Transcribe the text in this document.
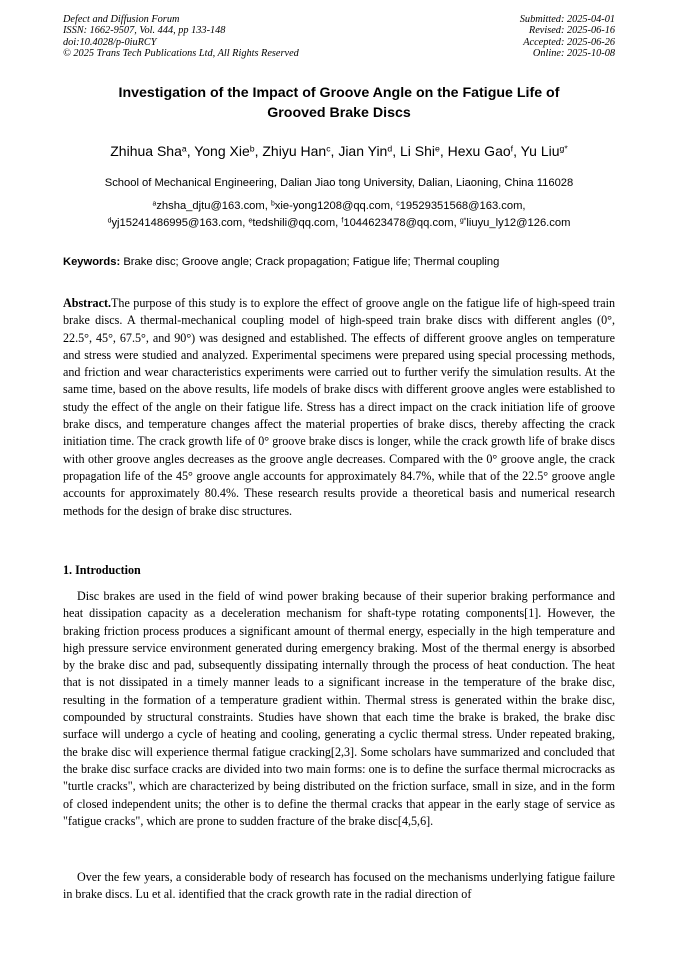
Defect and Diffusion Forum
ISSN: 1662-9507, Vol. 444, pp 133-148
doi:10.4028/p-0iuRCY
© 2025 Trans Tech Publications Ltd, All Rights Reserved
Submitted: 2025-04-01
Revised: 2025-06-16
Accepted: 2025-06-26
Online: 2025-10-08
Investigation of the Impact of Groove Angle on the Fatigue Life of
Grooved Brake Discs
Zhihua Sha$^a$, Yong Xie$^b$, Zhiyu Han$^c$, Jian Yin$^d$, Li Shi$^e$, Hexu Gao$^f$, Yu Liu$^{g*}$
School of Mechanical Engineering, Dalian Jiao tong University, Dalian, Liaoning, China 116028
$^a$zhsha_djtu@163.com, $^b$xie-yong1208@qq.com, $^c$19529351568@163.com,
$^d$yj15241486995@163.com, $^e$tedshili@qq.com, $^f$1044623478@qq.com, $^{g*}$liuyu_ly12@126.com
Keywords: Brake disc; Groove angle; Crack propagation; Fatigue life; Thermal coupling
Abstract.The purpose of this study is to explore the effect of groove angle on the fatigue life of high-speed train brake discs. A thermal-mechanical coupling model of high-speed train brake discs with different angles (0°, 22.5°, 45°, 67.5°, and 90°) was designed and established. The effects of different groove angles on temperature and stress were studied and analyzed. Experimental specimens were prepared using special processing methods, and friction and wear characteristics experiments were carried out to further verify the simulation results. At the same time, based on the above results, life models of brake discs with different groove angles were established to study the effect of the angle on their fatigue life. Stress has a direct impact on the crack initiation life of groove brake discs, and temperature changes affect the material properties of brake discs, thereby affecting the crack initiation time. The crack growth life of 0° groove brake discs is longer, while the crack growth life of brake discs with other groove angles decreases as the groove angle decreases. Compared with the 0° groove angle, the crack propagation life of the 45° groove angle accounts for approximately 84.7%, while that of the 22.5° groove angle accounts for approximately 80.4%. These research results provide a theoretical basis and numerical research methods for the design of brake disc structures.
1. Introduction
Disc brakes are used in the field of wind power braking because of their superior braking performance and heat dissipation capacity as a deceleration mechanism for shaft-type rotating components[1]. However, the braking friction process produces a significant amount of thermal energy, especially in the high temperature and high pressure service environment generated during emergency braking. Most of the thermal energy is absorbed by the brake disc and pad, subsequently dissipating internally through the process of heat conduction. The heat that is not dissipated in a timely manner leads to a significant increase in the temperature of the brake disc, resulting in the formation of a temperature gradient within. Thermal stress is generated within the brake disc, compounded by structural constraints. Studies have shown that each time the brake is braked, the brake disc surface will undergo a cycle of heating and cooling, generating a cyclic thermal stress. Under repeated braking, the brake disc will experience thermal fatigue cracking[2,3]. Some scholars have summarized and concluded that the brake disc surface cracks are divided into two main forms: one is to define the surface thermal microcracks as "turtle cracks", which are characterized by being distributed on the friction surface, small in size, and in the form of closed independent units; the other is to define the thermal cracks that appear in the early stage of service as "fatigue cracks", which are prone to sudden fracture of the brake disc[4,5,6].
Over the few years, a considerable body of research has focused on the mechanisms underlying fatigue failure in brake discs. Lu et al. identified that the crack growth rate in the radial direction of
